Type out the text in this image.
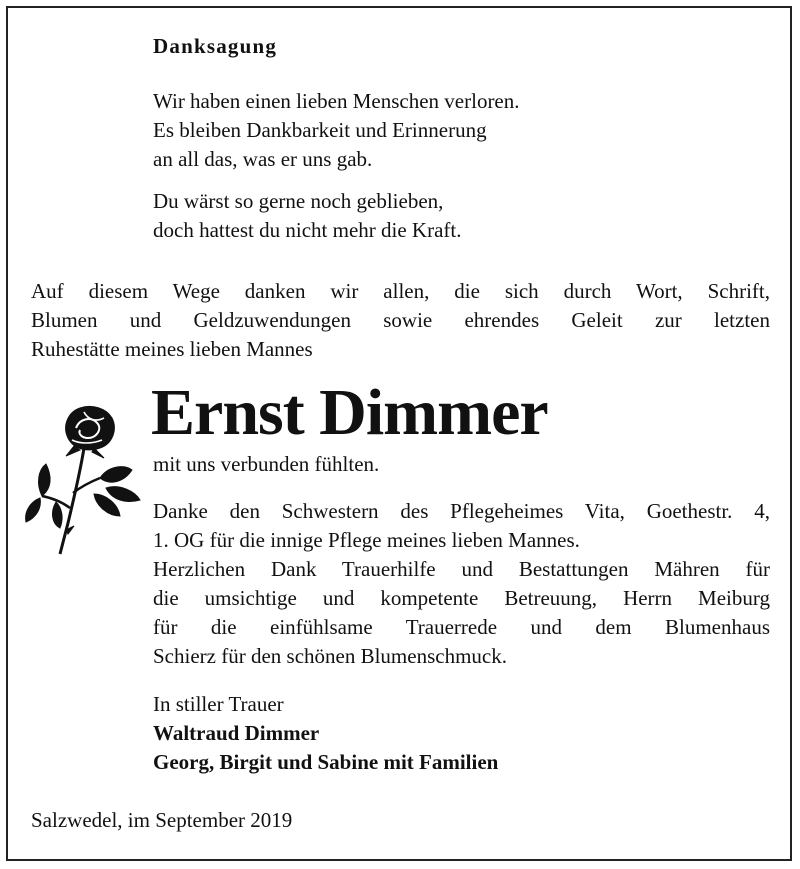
Danksagung
Wir haben einen lieben Menschen verloren.
Es bleiben Dankbarkeit und Erinnerung
an all das, was er uns gab.
Du wärst so gerne noch geblieben,
doch hattest du nicht mehr die Kraft.
Auf diesem Wege danken wir allen, die sich durch Wort, Schrift,
Blumen und Geldzuwendungen sowie ehrendes Geleit zur letzten
Ruhestätte meines lieben Mannes
Ernst Dimmer
mit uns verbunden fühlten.
Danke den Schwestern des Pflegeheimes Vita, Goethestr. 4,
1. OG für die innige Pflege meines lieben Mannes.
Herzlichen Dank Trauerhilfe und Bestattungen Mähren für
die umsichtige und kompetente Betreuung, Herrn Meiburg
für die einfühlsame Trauerrede und dem Blumenhaus
Schierz für den schönen Blumenschmuck.
In stiller Trauer
Waltraud Dimmer
Georg, Birgit und Sabine mit Familien
Salzwedel, im September 2019
